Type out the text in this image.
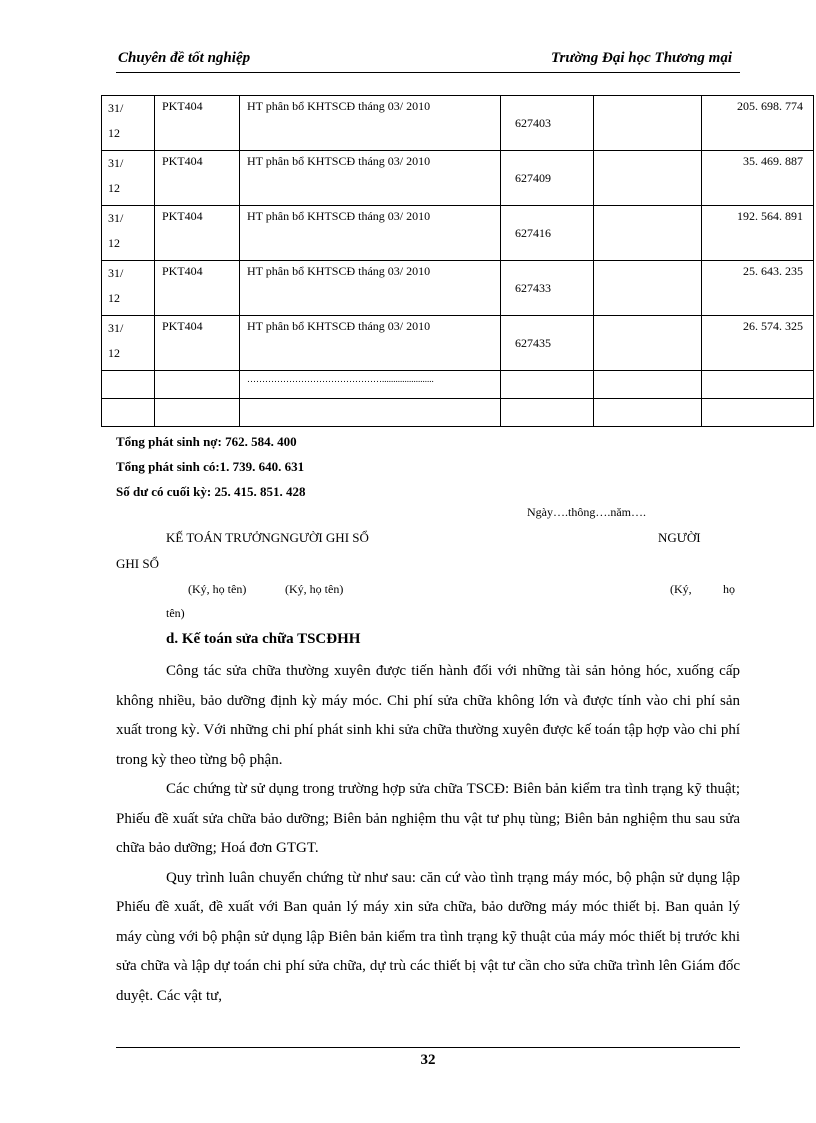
Chuyên đề tốt nghiệp	Trường Đại học Thương mại
31/
12	PKT404	HT phân bổ KHTSCĐ tháng 03/ 2010	627403		205. 698. 774

31/
12	PKT404	HT phân bổ KHTSCĐ tháng 03/ 2010	627409		35. 469. 887

31/
12	PKT404	HT phân bổ KHTSCĐ tháng 03/ 2010	627416		192. 564. 891

31/
12	PKT404	HT phân bổ KHTSCĐ tháng 03/ 2010	627433		25. 643. 235

31/
12	PKT404	HT phân bổ KHTSCĐ tháng 03/ 2010	627435		26. 574. 325
		……………………………………….......................			

Tổng phát sinh nợ: 762. 584. 400
Tổng phát sinh có:1. 739. 640. 631
Số dư có cuối kỳ: 25. 415. 851. 428
Ngày….thông….năm….
KẾ TOÁN TRƯỞNGNGƯỜI GHI SỔ	NGƯỜI
GHI SỔ
(Ký, họ tên)	(Ký, họ tên)	(Ký,	họ
tên)
d. Kế toán sửa chữa TSCĐHH

Công tác sửa chữa thường xuyên được tiến hành đối với những tài sản hỏng hóc, xuống cấp không nhiều, bảo dưỡng định kỳ máy móc. Chi phí sửa chữa không lớn và được tính vào chi phí sản xuất trong kỳ. Với những chi phí phát sinh khi sửa chữa thường xuyên được kế toán tập hợp vào chi phí trong kỳ theo từng bộ phận.

Các chứng từ sử dụng trong trường hợp sửa chữa TSCĐ: Biên bản kiểm tra tình trạng kỹ thuật; Phiếu đề xuất sửa chữa bảo dưỡng; Biên bản nghiệm thu vật tư phụ tùng; Biên bản nghiệm thu sau sửa chữa bảo dưỡng; Hoá đơn GTGT.

Quy trình luân chuyển chứng từ như sau: căn cứ vào tình trạng máy móc, bộ phận sử dụng lập Phiếu đề xuất, đề xuất với Ban quản lý máy xin sửa chữa, bảo dưỡng máy móc thiết bị. Ban quản lý máy cùng với bộ phận sử dụng lập Biên bản kiểm tra tình trạng kỹ thuật của máy móc thiết bị trước khi sửa chữa và lập dự toán chi phí sửa chữa, dự trù các thiết bị vật tư cần cho sửa chữa trình lên Giám đốc duyệt. Các vật tư,

32
